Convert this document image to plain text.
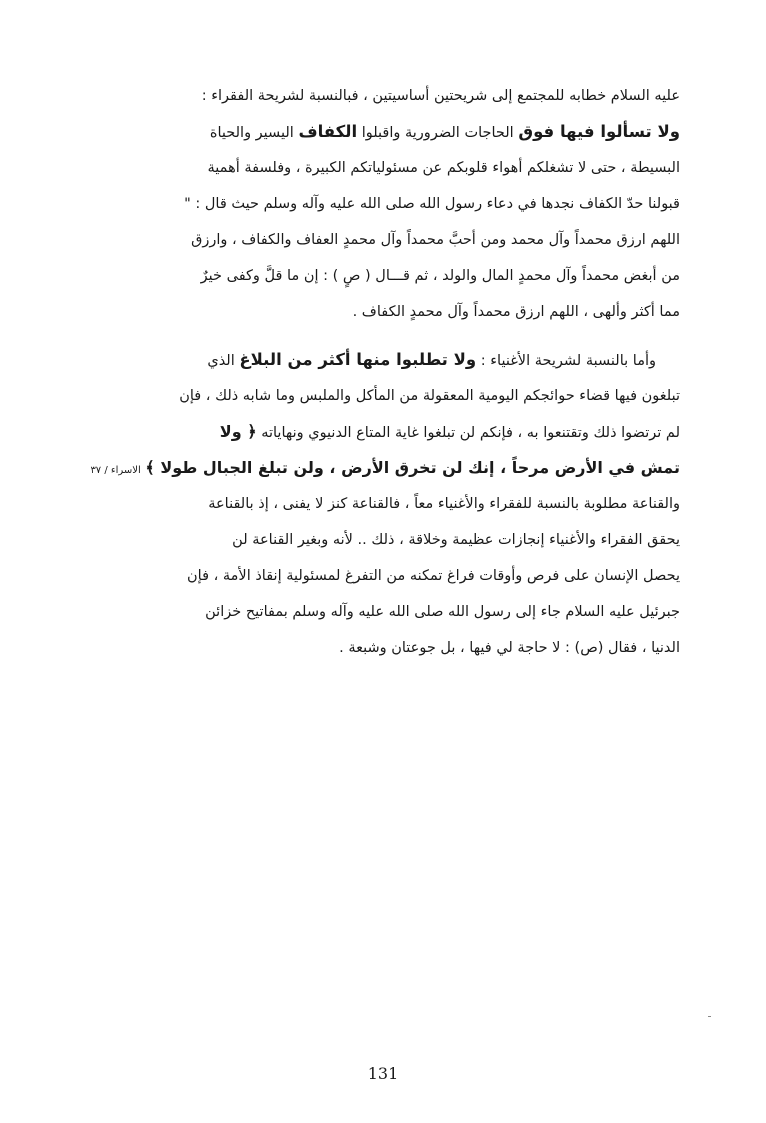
عليه السلام خطابه للمجتمع إلى شريحتين أساسيتين ، فبالنسبة لشريحة الفقراء :
ولا تسألوا فيها فوق الحاجات الضرورية واقبلوا الكفاف اليسير والحياة
البسيطة ، حتى لا تشغلكم أهواء قلوبكم عن مسئولياتكم الكبيرة ، وفلسفة أهمية
قبولنا حدّ الكفاف نجدها في دعاء رسول الله صلى الله عليه وآله وسلم حيث قال : "
اللهم ارزق محمداً وآل محمد ومن أحبَّ محمداً وآل محمدٍ العفاف والكفاف ، وارزق
من أبغض محمداً وآل محمدٍ المال والولد ، ثم قـــال ( صٍ ) : إن ما قلَّ وكفى خيرٌ
مما أكثر وألهى ، اللهم ارزق محمداً وآل محمدٍ الكفاف .
وأما بالنسبة لشريحة الأغنياء : ولا تطلبوا منها أكثر من البلاغ الذي
تبلغون فيها قضاء حوائجكم اليومية المعقولة من المأكل والملبس وما شابه ذلك ، فإن
لم ترتضوا ذلك وتقتنعوا به ، فإنكم لن تبلغوا غاية المتاع الدنيوي ونهاياته ﴿ ولا
تمش في الأرض مرحاً ، إنك لن تخرق الأرض ، ولن تبلغ الجبال طولا ﴾ الاسراء / ٣٧
والقناعة مطلوبة بالنسبة للفقراء والأغنياء معاً ، فالقناعة كنز لا يفنى ، إذ بالقناعة
يحقق الفقراء والأغنياء إنجازات عظيمة وخلاقة ، ذلك .. لأنه وبغير القناعة لن
يحصل الإنسان على فرص وأوقات فراغ تمكنه من التفرغ لمسئولية إنقاذ الأمة ، فإن
جبرئيل عليه السلام جاء إلى رسول الله صلى الله عليه وآله وسلم بمفاتيح خزائن
الدنيا ، فقال (ص) : لا حاجة لي فيها ، بل جوعتان وشبعة .
131
